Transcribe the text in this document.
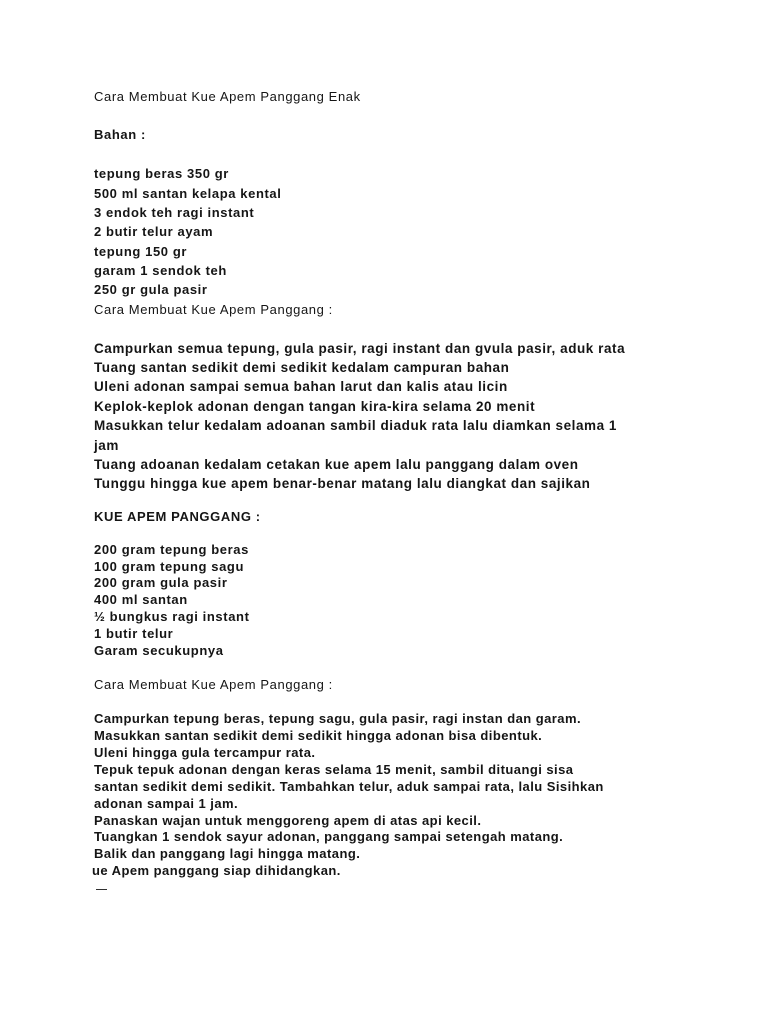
Cara Membuat Kue Apem Panggang Enak

Bahan :

tepung beras 350 gr

500 ml santan kelapa kental

3 endok teh ragi instant

2 butir telur ayam

tepung 150 gr

garam 1 sendok teh

250 gr gula pasir

Cara Membuat Kue Apem Panggang :

Campurkan semua tepung, gula pasir, ragi instant dan gvula pasir, aduk rata

Tuang santan sedikit demi sedikit kedalam campuran bahan

Uleni adonan sampai semua bahan larut dan kalis atau licin

Keplok-keplok adonan dengan tangan kira-kira selama 20 menit

Masukkan telur kedalam adoanan sambil diaduk rata lalu diamkan selama 1

jam

Tuang adoanan kedalam cetakan kue apem lalu panggang dalam oven

Tunggu hingga kue apem benar-benar matang lalu diangkat dan sajikan

KUE APEM PANGGANG :

200 gram tepung beras

100 gram tepung sagu

200 gram gula pasir

400 ml santan

½ bungkus ragi instant

1 butir telur

Garam secukupnya

Cara Membuat Kue Apem Panggang :

Campurkan tepung beras, tepung sagu, gula pasir, ragi instan dan garam.

Masukkan santan sedikit demi sedikit hingga adonan bisa dibentuk.

Uleni hingga gula tercampur rata.

Tepuk tepuk adonan dengan keras selama 15 menit, sambil dituangi sisa

santan sedikit demi sedikit. Tambahkan telur, aduk sampai rata, lalu Sisihkan

adonan sampai 1 jam.

Panaskan wajan untuk menggoreng apem di atas api kecil.

Tuangkan 1 sendok sayur adonan, panggang sampai setengah matang.

Balik dan panggang lagi hingga matang.

ue Apem panggang siap dihidangkan.
